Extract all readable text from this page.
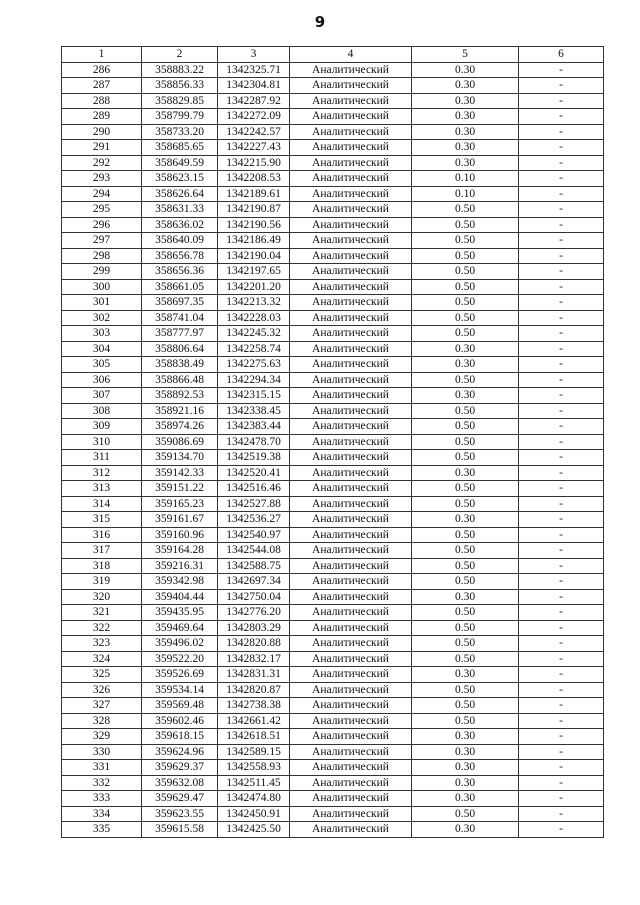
9
1	2	3	4	5	6
286	358883.22	1342325.71	Аналитический	0.30	-
287	358856.33	1342304.81	Аналитический	0.30	-
288	358829.85	1342287.92	Аналитический	0.30	-
289	358799.79	1342272.09	Аналитический	0.30	-
290	358733.20	1342242.57	Аналитический	0.30	-
291	358685.65	1342227.43	Аналитический	0.30	-
292	358649.59	1342215.90	Аналитический	0.30	-
293	358623.15	1342208.53	Аналитический	0.10	-
294	358626.64	1342189.61	Аналитический	0.10	-
295	358631.33	1342190.87	Аналитический	0.50	-
296	358636.02	1342190.56	Аналитический	0.50	-
297	358640.09	1342186.49	Аналитический	0.50	-
298	358656.78	1342190.04	Аналитический	0.50	-
299	358656.36	1342197.65	Аналитический	0.50	-
300	358661.05	1342201.20	Аналитический	0.50	-
301	358697.35	1342213.32	Аналитический	0.50	-
302	358741.04	1342228.03	Аналитический	0.50	-
303	358777.97	1342245.32	Аналитический	0.50	-
304	358806.64	1342258.74	Аналитический	0.30	-
305	358838.49	1342275.63	Аналитический	0.30	-
306	358866.48	1342294.34	Аналитический	0.50	-
307	358892.53	1342315.15	Аналитический	0.30	-
308	358921.16	1342338.45	Аналитический	0.50	-
309	358974.26	1342383.44	Аналитический	0.50	-
310	359086.69	1342478.70	Аналитический	0.50	-
311	359134.70	1342519.38	Аналитический	0.50	-
312	359142.33	1342520.41	Аналитический	0.30	-
313	359151.22	1342516.46	Аналитический	0.50	-
314	359165.23	1342527.88	Аналитический	0.50	-
315	359161.67	1342536.27	Аналитический	0.30	-
316	359160.96	1342540.97	Аналитический	0.50	-
317	359164.28	1342544.08	Аналитический	0.50	-
318	359216.31	1342588.75	Аналитический	0.50	-
319	359342.98	1342697.34	Аналитический	0.50	-
320	359404.44	1342750.04	Аналитический	0.30	-
321	359435.95	1342776.20	Аналитический	0.50	-
322	359469.64	1342803.29	Аналитический	0.50	-
323	359496.02	1342820.88	Аналитический	0.50	-
324	359522.20	1342832.17	Аналитический	0.50	-
325	359526.69	1342831.31	Аналитический	0.30	-
326	359534.14	1342820.87	Аналитический	0.50	-
327	359569.48	1342738.38	Аналитический	0.50	-
328	359602.46	1342661.42	Аналитический	0.50	-
329	359618.15	1342618.51	Аналитический	0.30	-
330	359624.96	1342589.15	Аналитический	0.30	-
331	359629.37	1342558.93	Аналитический	0.30	-
332	359632.08	1342511.45	Аналитический	0.30	-
333	359629.47	1342474.80	Аналитический	0.30	-
334	359623.55	1342450.91	Аналитический	0.50	-
335	359615.58	1342425.50	Аналитический	0.30	-
